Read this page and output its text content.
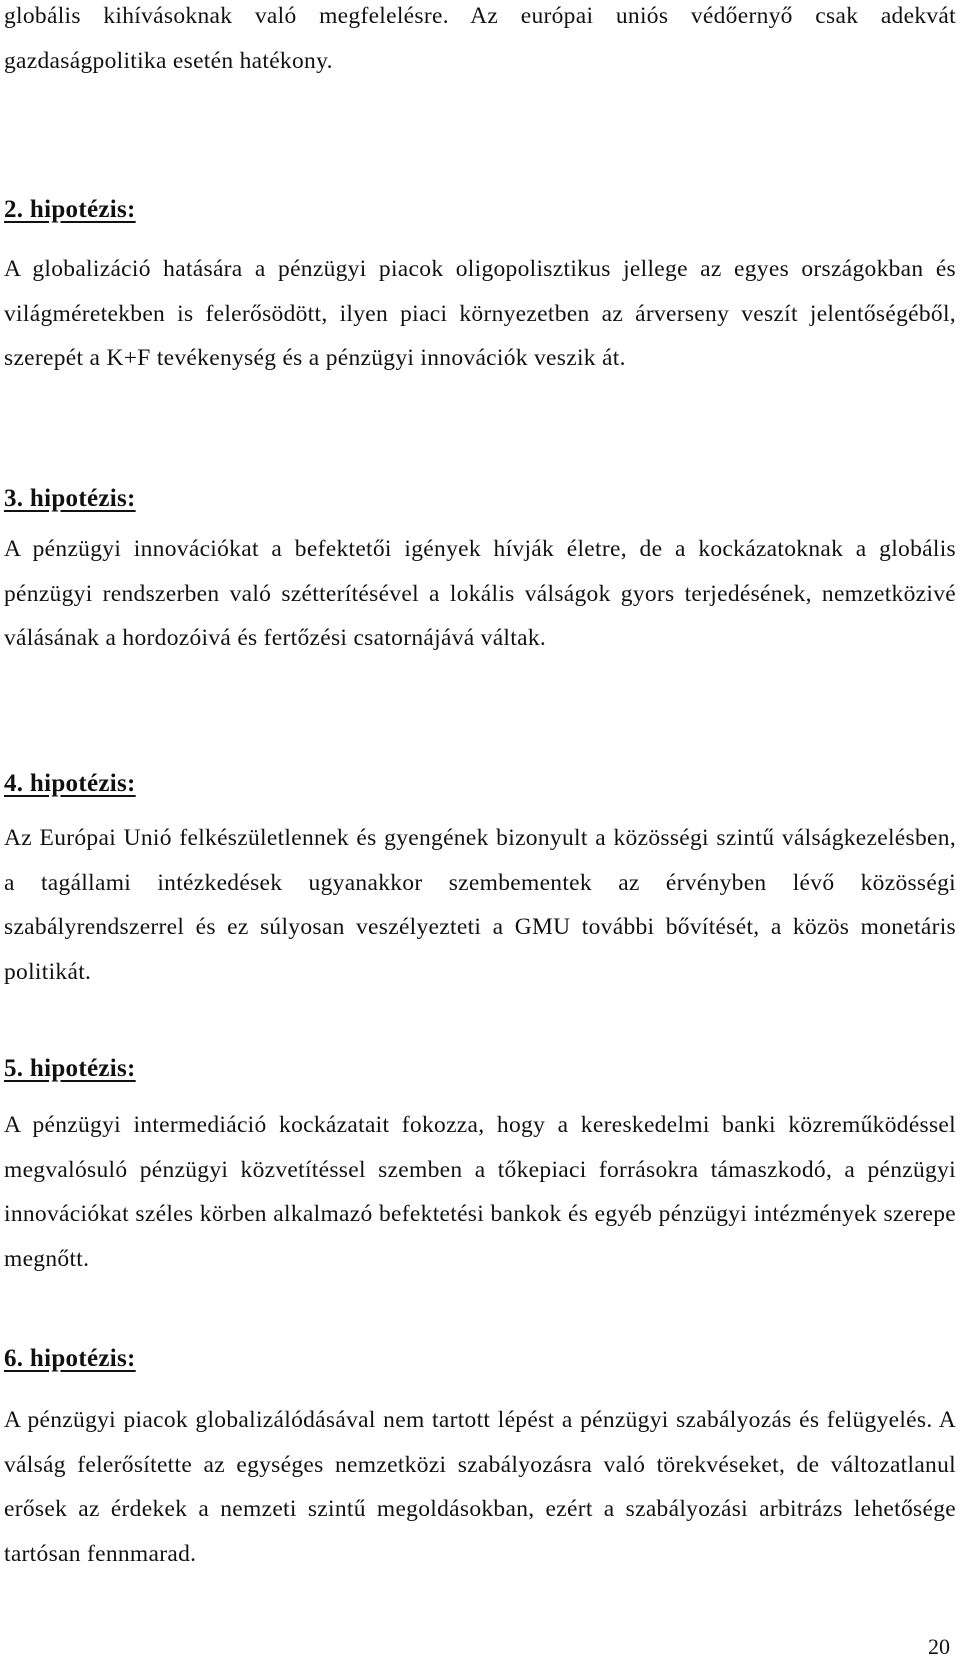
globális kihívásoknak való megfelelésre. Az európai uniós védőernyő csak adekvát gazdaságpolitika esetén hatékony.

2. hipotézis:

A globalizáció hatására a pénzügyi piacok oligopolisztikus jellege az egyes országokban és világméretekben is felerősödött, ilyen piaci környezetben az árverseny veszít jelentőségéből, szerepét a K+F tevékenység és a pénzügyi innovációk veszik át.

3. hipotézis:

A pénzügyi innovációkat a befektetői igények hívják életre, de a kockázatoknak a globális pénzügyi rendszerben való szétterítésével a lokális válságok gyors terjedésének, nemzetközivé válásának a hordozóivá és fertőzési csatornájává váltak.

4. hipotézis:

Az Európai Unió felkészületlennek és gyengének bizonyult a közösségi szintű válságkezelésben, a tagállami intézkedések ugyanakkor szembementek az érvényben lévő közösségi szabályrendszerrel és ez súlyosan veszélyezteti a GMU további bővítését, a közös monetáris politikát.

5. hipotézis:

A pénzügyi intermediáció kockázatait fokozza, hogy a kereskedelmi banki közreműködéssel megvalósuló pénzügyi közvetítéssel szemben a tőkepiaci forrásokra támaszkodó, a pénzügyi innovációkat széles körben alkalmazó befektetési bankok és egyéb pénzügyi intézmények szerepe megnőtt.

6. hipotézis:

A pénzügyi piacok globalizálódásával nem tartott lépést a pénzügyi szabályozás és felügyelés. A válság felerősítette az egységes nemzetközi szabályozásra való törekvéseket, de változatlanul erősek az érdekek a nemzeti szintű megoldásokban, ezért a szabályozási arbitrázs lehetősége tartósan fennmarad.

20
